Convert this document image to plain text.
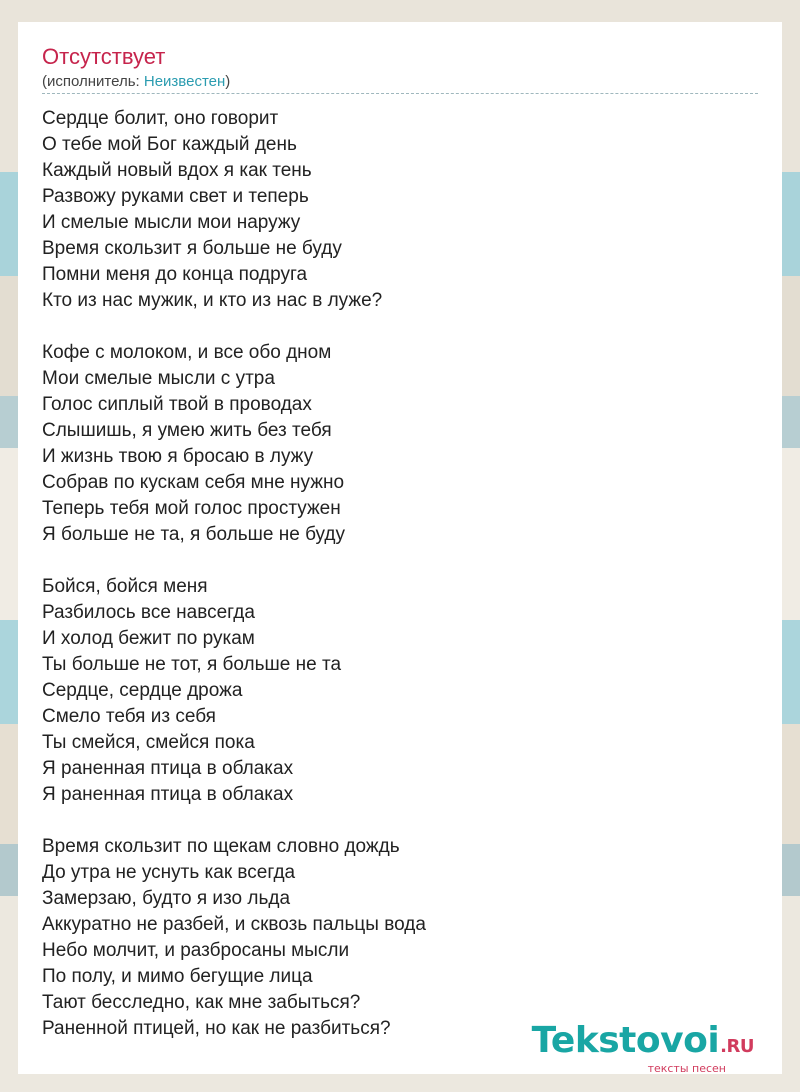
Отсутствует
(исполнитель: Неизвестен)
Сердце болит, оно говорит
О тебе мой Бог каждый день
Каждый новый вдох я как тень
Развожу руками свет и теперь
И смелые мысли мои наружу
Время скользит я больше не буду
Помни меня до конца подруга
Кто из нас мужик, и кто из нас в луже?
Кофе с молоком, и все обо дном
Мои смелые мысли с утра
Голос сиплый твой в проводах
Слышишь, я умею жить без тебя
И жизнь твою я бросаю в лужу
Собрав по кускам себя мне нужно
Теперь тебя мой голос простужен
Я больше не та, я больше не буду
Бойся, бойся меня
Разбилось все навсегда
И холод бежит по рукам
Ты больше не тот, я больше не та
Сердце, сердце дрожа
Смело тебя из себя
Ты смейся, смейся пока
Я раненная птица в облаках
Я раненная птица в облаках
Время скользит по щекам словно дождь
До утра не уснуть как всегда
Замерзаю, будто я изо льда
Аккуратно не разбей, и сквозь пальцы вода
Небо молчит, и разбросаны мысли
По полу, и мимо бегущие лица
Тают бесследно, как мне забыться?
Раненной птицей, но как не разбиться?	Tekstovoi.RU
тексты песен
